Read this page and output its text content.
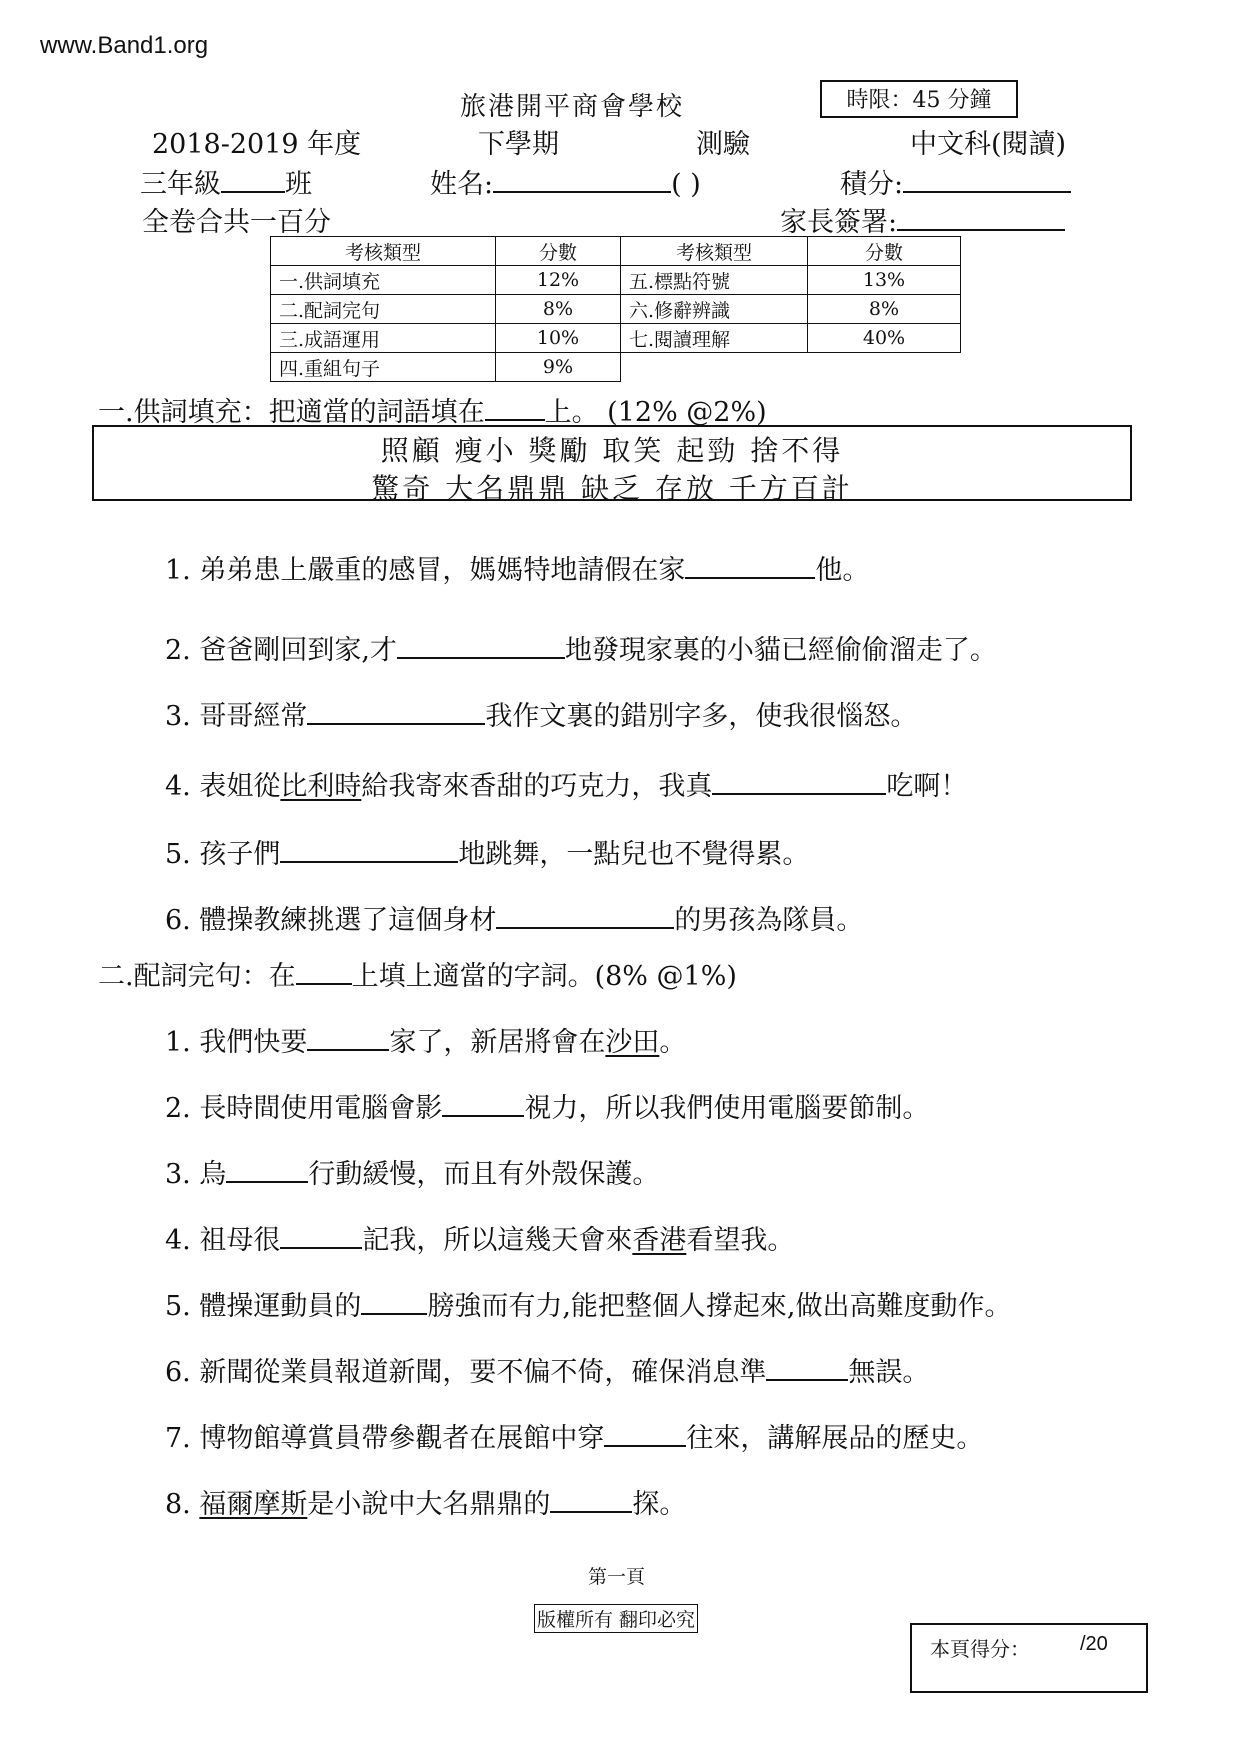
www.Band1.org
旅港開平商會學校	時限：45 分鐘
2018-2019 年度	下學期	測驗	中文科(閱讀)
三年級 班	姓名:	( )	積分:
全卷合共一百分	家長簽署:
考核類型	分數	考核類型	分數
一.供詞填充	12%	五.標點符號	13%
二.配詞完句	8%	六.修辭辨識	8%
三.成語運用	10%	七.閱讀理解	40%
四.重組句子	9%		
一.供詞填充：把適當的詞語填在 上。 (12% @2%)
照顧 瘦小 獎勵 取笑 起勁 捨不得
驚奇 大名鼎鼎 缺乏 存放 千方百計
1. 弟弟患上嚴重的感冒，媽媽特地請假在家	他。
2. 爸爸剛回到家,才	地發現家裏的小貓已經偷偷溜走了。
3. 哥哥經常	我作文裏的錯別字多，使我很惱怒。
4. 表姐從比利時給我寄來香甜的巧克力，我真	吃啊！
5. 孩子們	地跳舞，一點兒也不覺得累。
6. 體操教練挑選了這個身材	的男孩為隊員。
二.配詞完句：在 上填上適當的字詞。(8% @1%)
1. 我們快要	家了，新居將會在沙田。
2. 長時間使用電腦會影	視力，所以我們使用電腦要節制。
3. 烏	行動緩慢，而且有外殼保護。
4. 祖母很	記我，所以這幾天會來香港看望我。
5. 體操運動員的 膀強而有力,能把整個人撐起來,做出高難度動作。
6. 新聞從業員報道新聞，要不偏不倚，確保消息準	無誤。
7. 博物館導賞員帶參觀者在展館中穿	往來，講解展品的歷史。
8. 福爾摩斯是小說中大名鼎鼎的	探。
第一頁
版權所有 翻印必究
本頁得分：	/20
